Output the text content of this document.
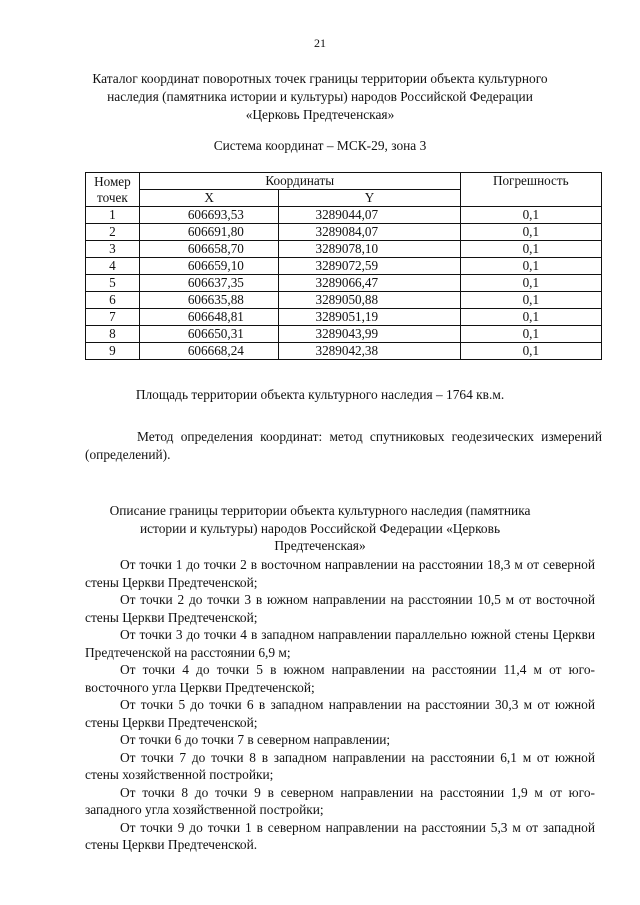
21
Каталог координат поворотных точек границы территории объекта культурного наследия (памятника истории и культуры) народов Российской Федерации «Церковь Предтеченская»
Система координат – МСК-29, зона 3
Номер точек	Координаты		Погрешность
	X	Y	
1	606693,53	3289044,07	0,1
2	606691,80	3289084,07	0,1
3	606658,70	3289078,10	0,1
4	606659,10	3289072,59	0,1
5	606637,35	3289066,47	0,1
6	606635,88	3289050,88	0,1
7	606648,81	3289051,19	0,1
8	606650,31	3289043,99	0,1
9	606668,24	3289042,38	0,1
Площадь территории объекта культурного наследия – 1764 кв.м.
Метод определения координат: метод спутниковых геодезических измерений (определений).
Описание границы территории объекта культурного наследия (памятника истории и культуры) народов Российской Федерации «Церковь Предтеченская»

От точки 1 до точки 2 в восточном направлении на расстоянии 18,3 м от северной стены Церкви Предтеченской;

От точки 2 до точки 3 в южном направлении на расстоянии 10,5 м от восточной стены Церкви Предтеченской;

От точки 3 до точки 4 в западном направлении параллельно южной стены Церкви Предтеченской на расстоянии 6,9 м;

От точки 4 до точки 5 в южном направлении на расстоянии 11,4 м от юго-восточного угла Церкви Предтеченской;

От точки 5 до точки 6 в западном направлении на расстоянии 30,3 м от южной стены Церкви Предтеченской;

От точки 6 до точки 7 в северном направлении;

От точки 7 до точки 8 в западном направлении на расстоянии 6,1 м от южной стены хозяйственной постройки;

От точки 8 до точки 9 в северном направлении на расстоянии 1,9 м от юго-западного угла хозяйственной постройки;

От точки 9 до точки 1 в северном направлении на расстоянии 5,3 м от западной стены Церкви Предтеченской.
